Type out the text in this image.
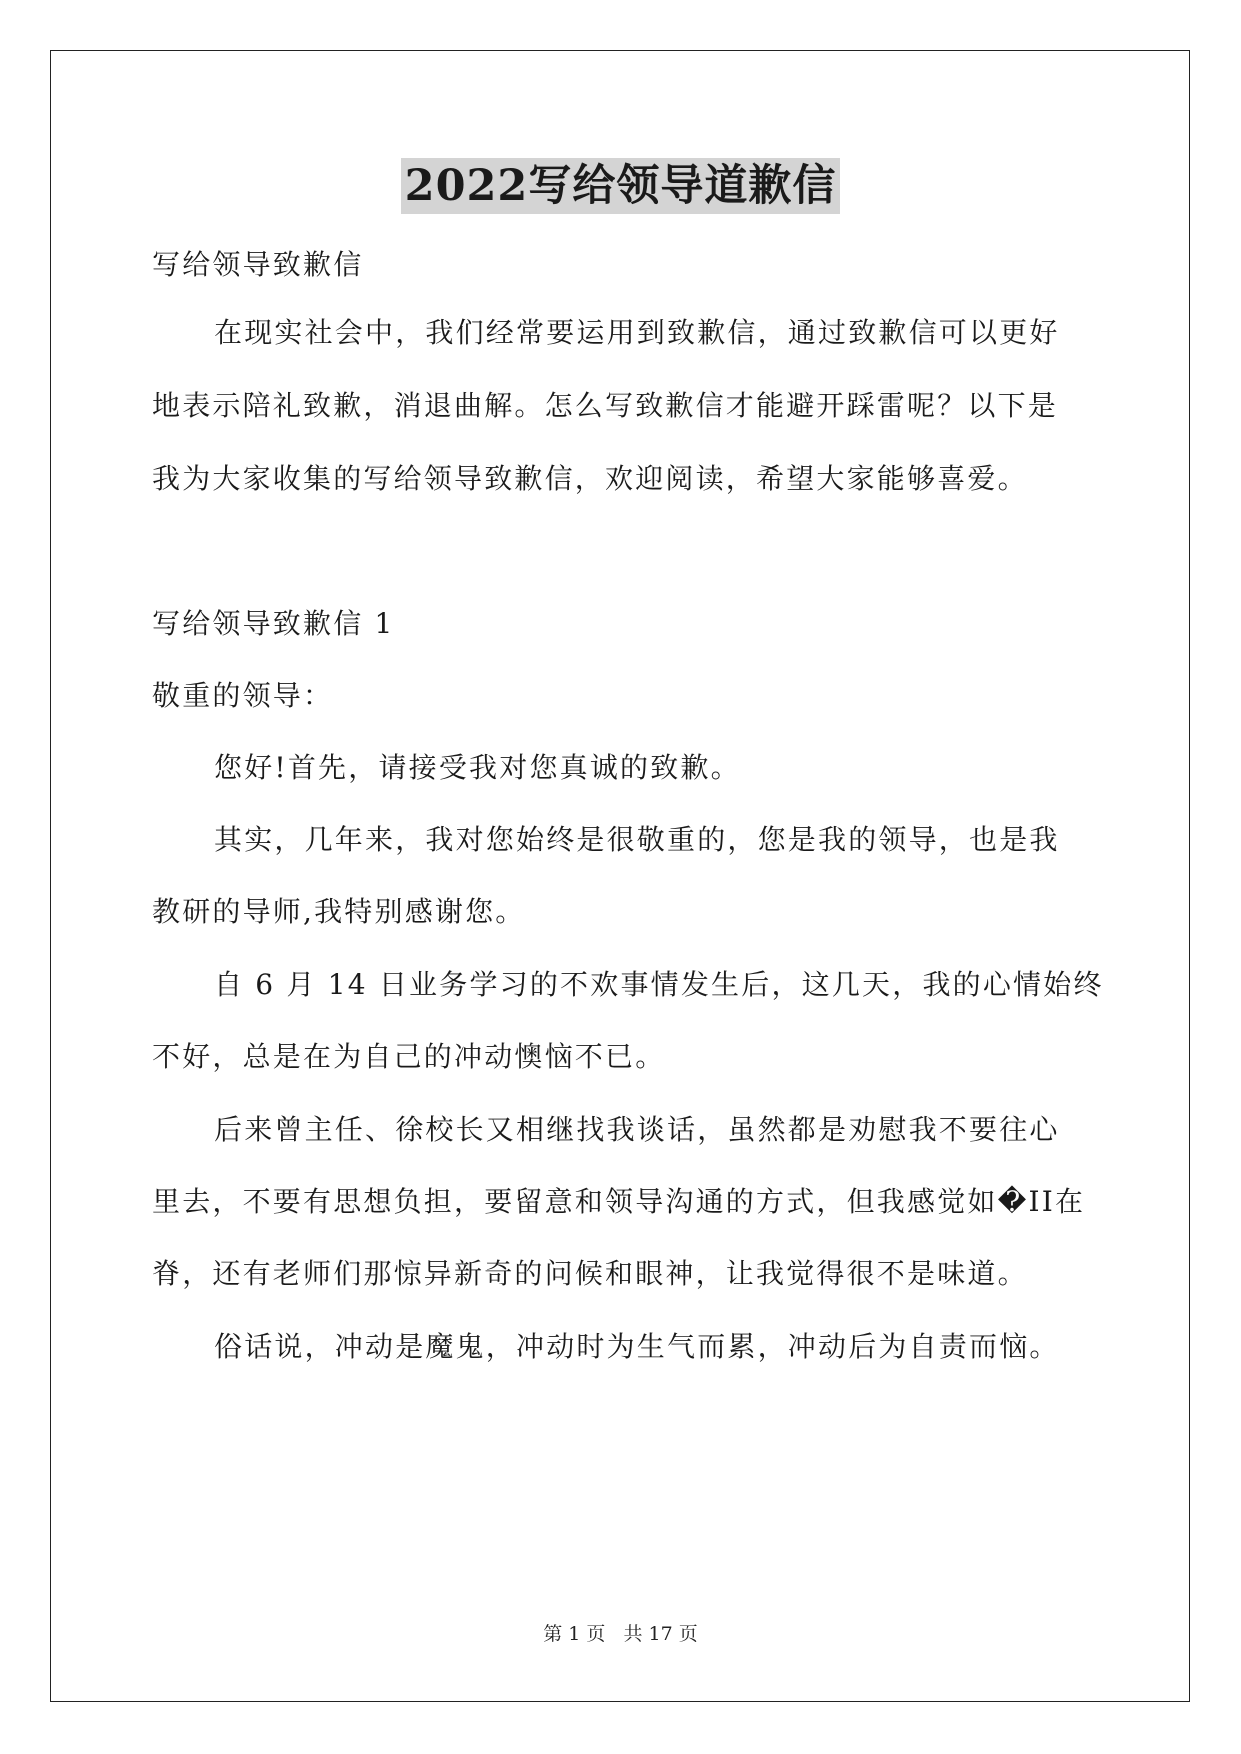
2022写给领导道歉信
写给领导致歉信
在现实社会中，我们经常要运用到致歉信，通过致歉信可以更好
地表示陪礼致歉，消退曲解。怎么写致歉信才能避开踩雷呢？以下是
我为大家收集的写给领导致歉信，欢迎阅读，希望大家能够喜爱。
写给领导致歉信 1
敬重的领导：
您好!首先，请接受我对您真诚的致歉。
其实，几年来，我对您始终是很敬重的，您是我的领导，也是我
教研的导师,我特别感谢您。
自 6 月 14 日业务学习的不欢事情发生后，这几天，我的心情始终
不好，总是在为自己的冲动懊恼不已。
后来曾主任、徐校长又相继找我谈话，虽然都是劝慰我不要往心
里去，不要有思想负担，要留意和领导沟通的方式，但我感觉如�II在
脊，还有老师们那惊异新奇的问候和眼神，让我觉得很不是味道。
俗话说，冲动是魔鬼，冲动时为生气而累，冲动后为自责而恼。
第 1 页 共 17 页
